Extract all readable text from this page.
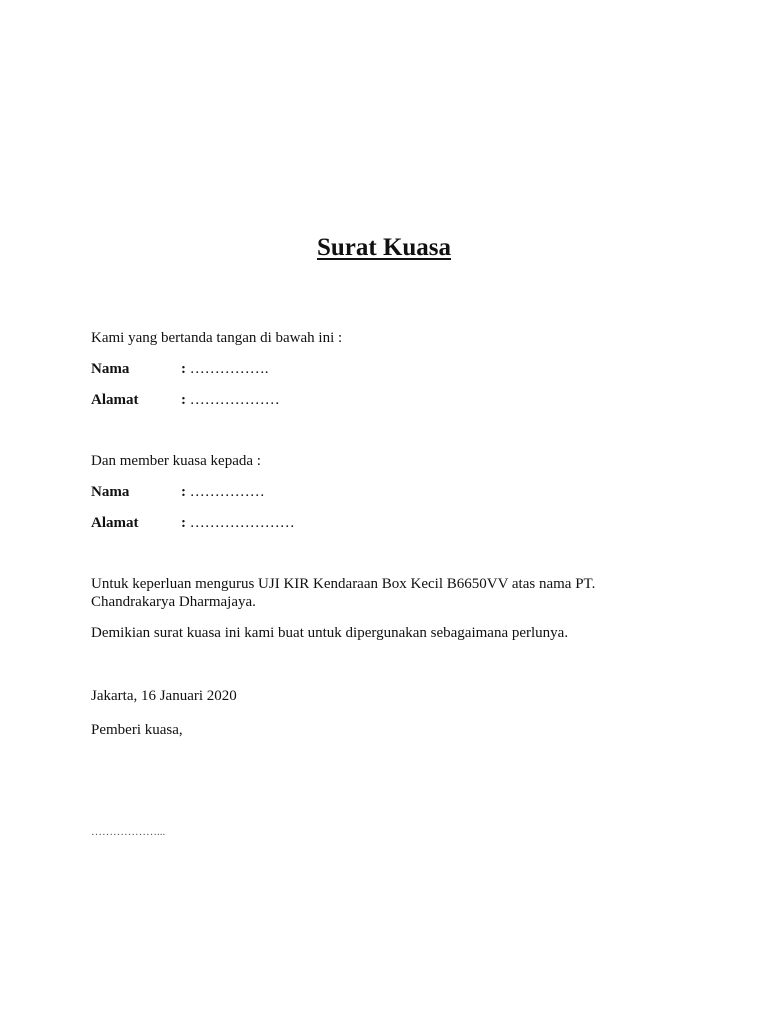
Surat Kuasa
Kami yang bertanda tangan di bawah ini :
Nama	: …………….
Alamat	: ………………
Dan member kuasa kepada :
Nama	: ……………
Alamat	: …………………
Untuk keperluan mengurus UJI KIR Kendaraan Box Kecil B6650VV atas nama PT.
Chandrakarya Dharmajaya.
Demikian surat kuasa ini kami buat untuk dipergunakan sebagaimana perlunya.
Jakarta, 16 Januari 2020
Pemberi kuasa,
………………...
